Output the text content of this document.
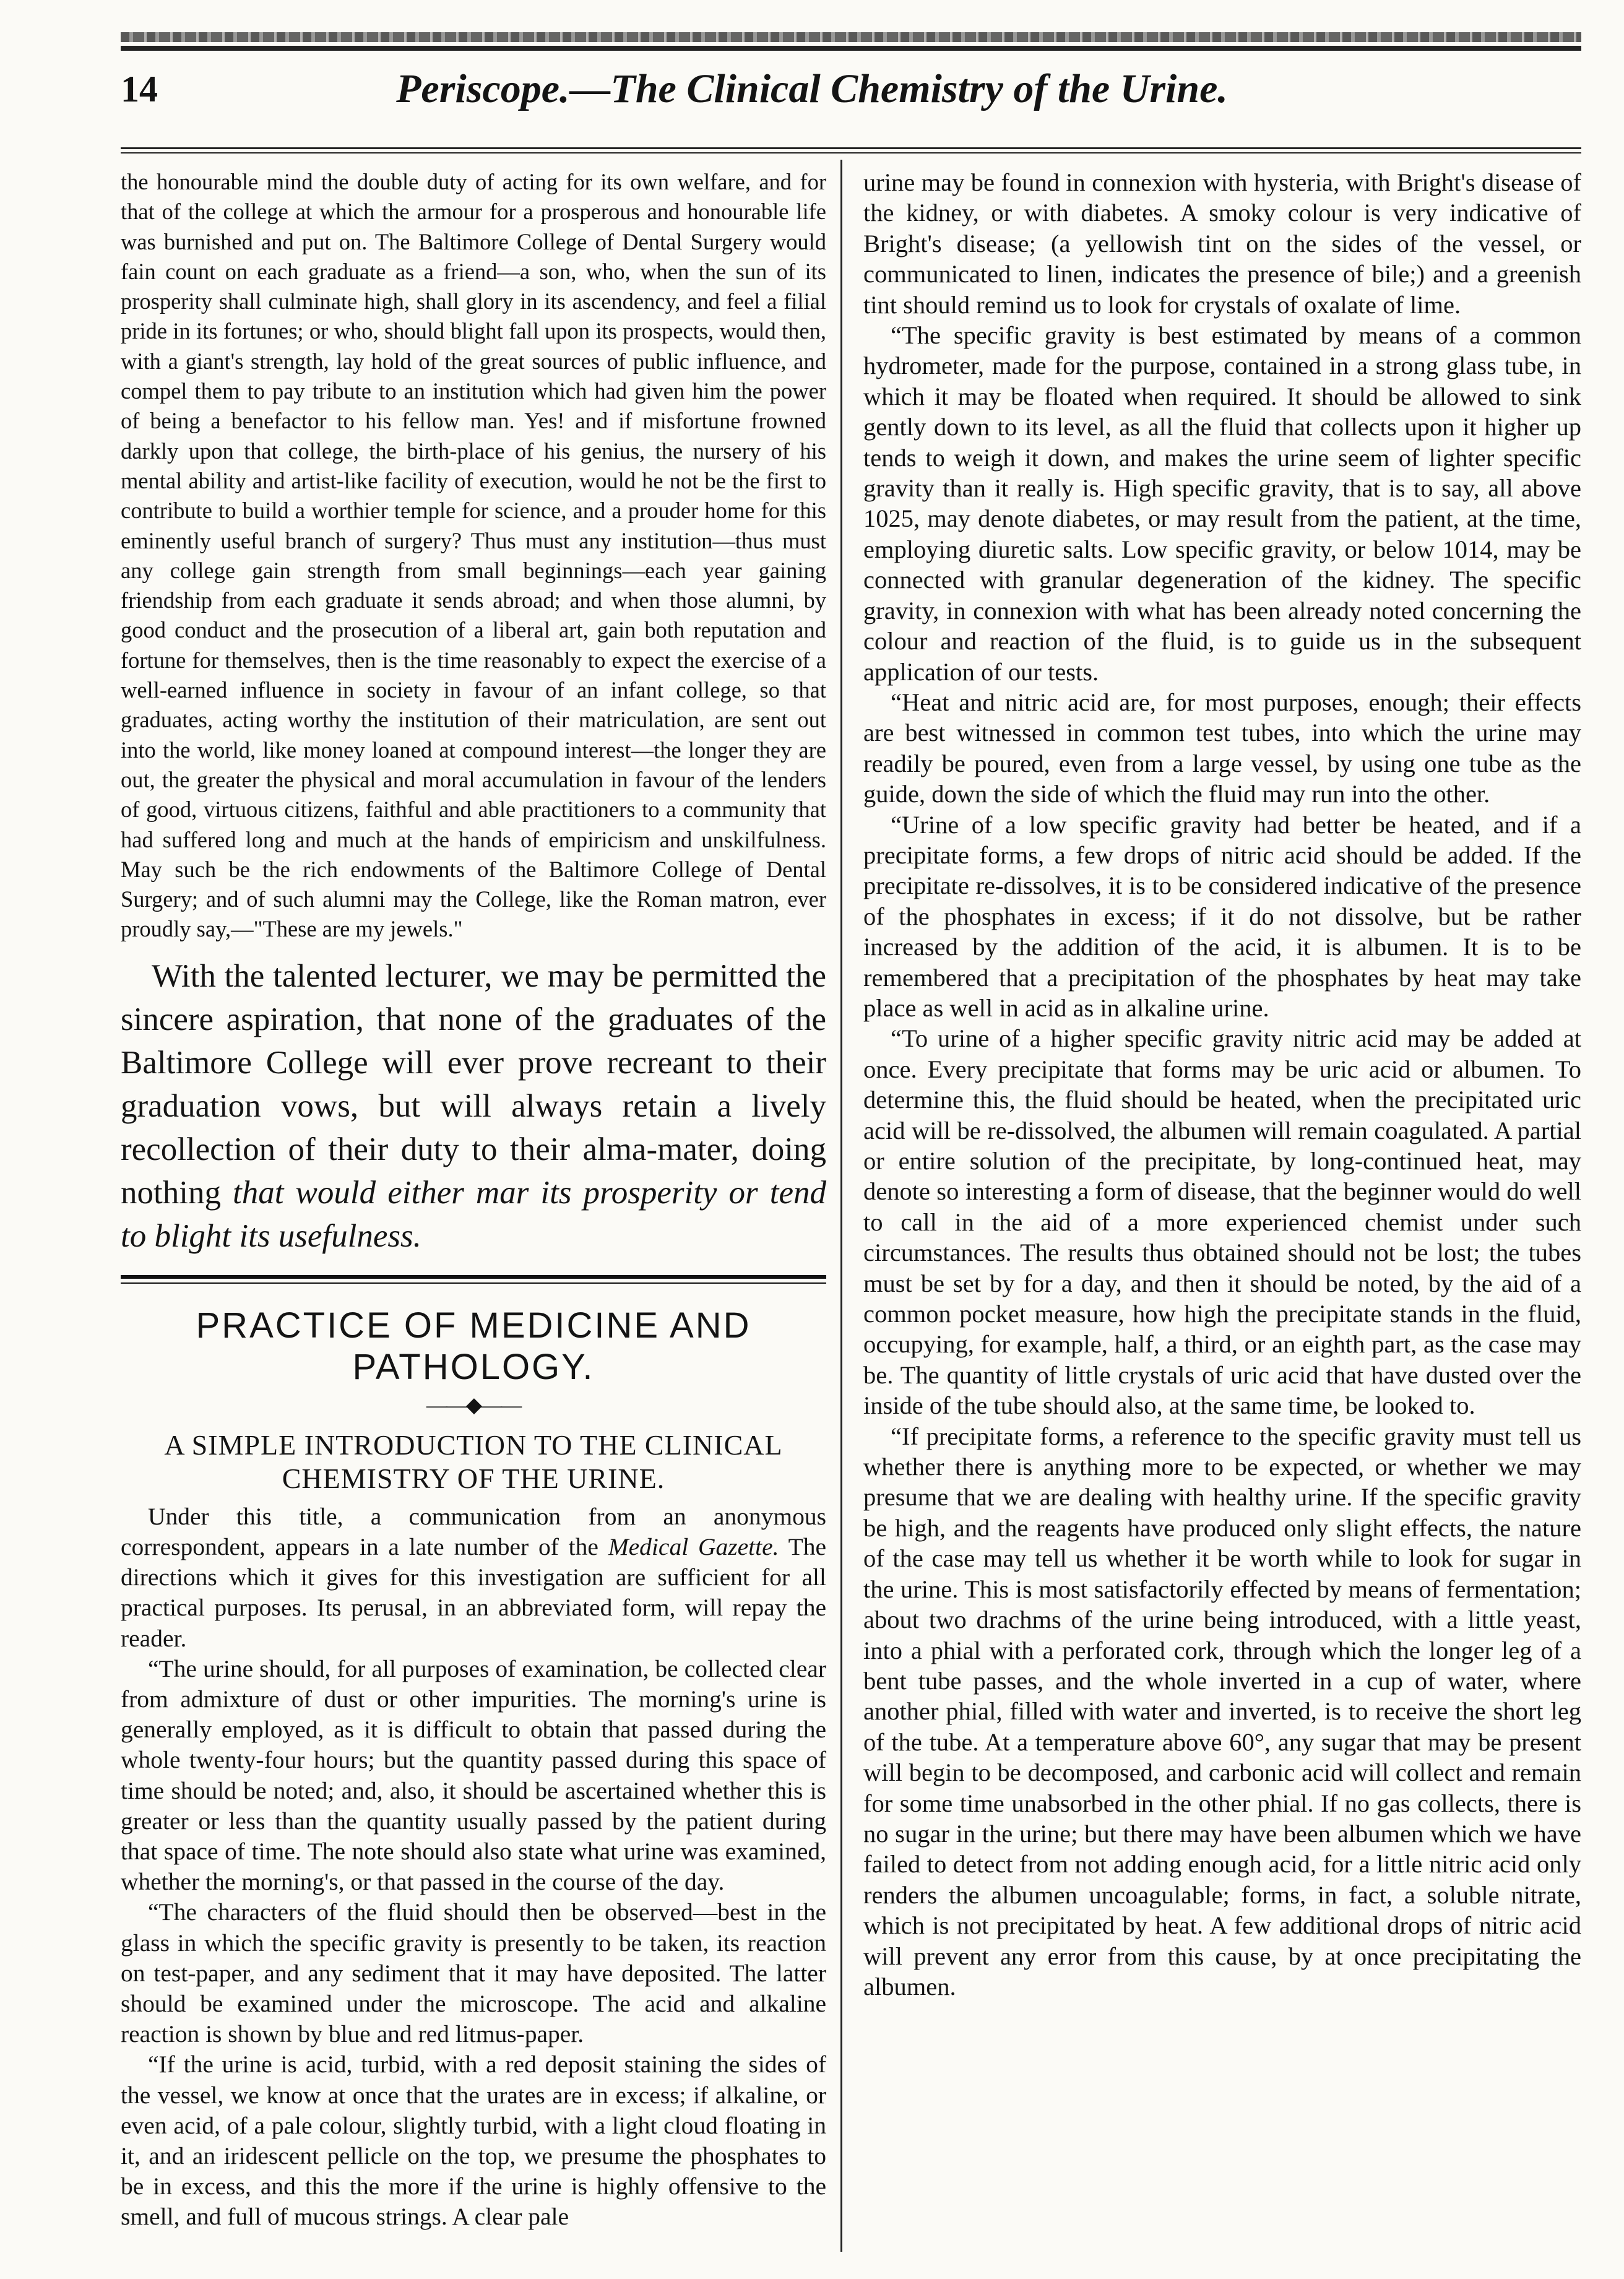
14	Periscope.—The Clinical Chemistry of the Urine.

the honourable mind the double duty of acting for its own welfare, and for that of the college at which the armour for a prosperous and honourable life was burnished and put on. The Baltimore College of Dental Surgery would fain count on each graduate as a friend—a son, who, when the sun of its prosperity shall culminate high, shall glory in its ascendency, and feel a filial pride in its fortunes; or who, should blight fall upon its prospects, would then, with a giant's strength, lay hold of the great sources of public influence, and compel them to pay tribute to an institution which had given him the power of being a benefactor to his fellow man. Yes! and if misfortune frowned darkly upon that college, the birth-place of his genius, the nursery of his mental ability and artist-like facility of execution, would he not be the first to contribute to build a worthier temple for science, and a prouder home for this eminently useful branch of surgery? Thus must any institution—thus must any college gain strength from small beginnings—each year gaining friendship from each graduate it sends abroad; and when those alumni, by good conduct and the prosecution of a liberal art, gain both reputation and fortune for themselves, then is the time reasonably to expect the exercise of a well-earned influence in society in favour of an infant college, so that graduates, acting worthy the institution of their matriculation, are sent out into the world, like money loaned at compound interest—the longer they are out, the greater the physical and moral accumulation in favour of the lenders of good, virtuous citizens, faithful and able practitioners to a community that had suffered long and much at the hands of empiricism and unskilfulness. May such be the rich endowments of the Baltimore College of Dental Surgery; and of such alumni may the College, like the Roman matron, ever proudly say,—"These are my jewels."

With the talented lecturer, we may be permitted the sincere aspiration, that none of the graduates of the Baltimore College will ever prove recreant to their graduation vows, but will always retain a lively recollection of their duty to their alma-mater, doing nothing that would either mar its prosperity or tend to blight its usefulness.

PRACTICE OF MEDICINE AND PATHOLOGY.
——◆——
A SIMPLE INTRODUCTION TO THE CLINICAL CHEMISTRY OF THE URINE.

Under this title, a communication from an anonymous correspondent, appears in a late number of the Medical Gazette. The directions which it gives for this investigation are sufficient for all practical purposes. Its perusal, in an abbreviated form, will repay the reader.

“The urine should, for all purposes of examination, be collected clear from admixture of dust or other impurities. The morning's urine is generally employed, as it is difficult to obtain that passed during the whole twenty-four hours; but the quantity passed during this space of time should be noted; and, also, it should be ascertained whether this is greater or less than the quantity usually passed by the patient during that space of time. The note should also state what urine was examined, whether the morning's, or that passed in the course of the day.

“The characters of the fluid should then be observed—best in the glass in which the specific gravity is presently to be taken, its reaction on test-paper, and any sediment that it may have deposited. The latter should be examined under the microscope. The acid and alkaline reaction is shown by blue and red litmus-paper.

“If the urine is acid, turbid, with a red deposit staining the sides of the vessel, we know at once that the urates are in excess; if alkaline, or even acid, of a pale colour, slightly turbid, with a light cloud floating in it, and an iridescent pellicle on the top, we presume the phosphates to be in excess, and this the more if the urine is highly offensive to the smell, and full of mucous strings. A clear pale

urine may be found in connexion with hysteria, with Bright's disease of the kidney, or with diabetes. A smoky colour is very indicative of Bright's disease; (a yellowish tint on the sides of the vessel, or communicated to linen, indicates the presence of bile;) and a greenish tint should remind us to look for crystals of oxalate of lime.

“The specific gravity is best estimated by means of a common hydrometer, made for the purpose, contained in a strong glass tube, in which it may be floated when required. It should be allowed to sink gently down to its level, as all the fluid that collects upon it higher up tends to weigh it down, and makes the urine seem of lighter specific gravity than it really is. High specific gravity, that is to say, all above 1025, may denote diabetes, or may result from the patient, at the time, employing diuretic salts. Low specific gravity, or below 1014, may be connected with granular degeneration of the kidney. The specific gravity, in connexion with what has been already noted concerning the colour and reaction of the fluid, is to guide us in the subsequent application of our tests.

“Heat and nitric acid are, for most purposes, enough; their effects are best witnessed in common test tubes, into which the urine may readily be poured, even from a large vessel, by using one tube as the guide, down the side of which the fluid may run into the other.

“Urine of a low specific gravity had better be heated, and if a precipitate forms, a few drops of nitric acid should be added. If the precipitate re-dissolves, it is to be considered indicative of the presence of the phosphates in excess; if it do not dissolve, but be rather increased by the addition of the acid, it is albumen. It is to be remembered that a precipitation of the phosphates by heat may take place as well in acid as in alkaline urine.

“To urine of a higher specific gravity nitric acid may be added at once. Every precipitate that forms may be uric acid or albumen. To determine this, the fluid should be heated, when the precipitated uric acid will be re-dissolved, the albumen will remain coagulated. A partial or entire solution of the precipitate, by long-continued heat, may denote so interesting a form of disease, that the beginner would do well to call in the aid of a more experienced chemist under such circumstances. The results thus obtained should not be lost; the tubes must be set by for a day, and then it should be noted, by the aid of a common pocket measure, how high the precipitate stands in the fluid, occupying, for example, half, a third, or an eighth part, as the case may be. The quantity of little crystals of uric acid that have dusted over the inside of the tube should also, at the same time, be looked to.

“If precipitate forms, a reference to the specific gravity must tell us whether there is anything more to be expected, or whether we may presume that we are dealing with healthy urine. If the specific gravity be high, and the reagents have produced only slight effects, the nature of the case may tell us whether it be worth while to look for sugar in the urine. This is most satisfactorily effected by means of fermentation; about two drachms of the urine being introduced, with a little yeast, into a phial with a perforated cork, through which the longer leg of a bent tube passes, and the whole inverted in a cup of water, where another phial, filled with water and inverted, is to receive the short leg of the tube. At a temperature above 60°, any sugar that may be present will begin to be decomposed, and carbonic acid will collect and remain for some time unabsorbed in the other phial. If no gas collects, there is no sugar in the urine; but there may have been albumen which we have failed to detect from not adding enough acid, for a little nitric acid only renders the albumen uncoagulable; forms, in fact, a soluble nitrate, which is not precipitated by heat. A few additional drops of nitric acid will prevent any error from this cause, by at once precipitating the albumen.
